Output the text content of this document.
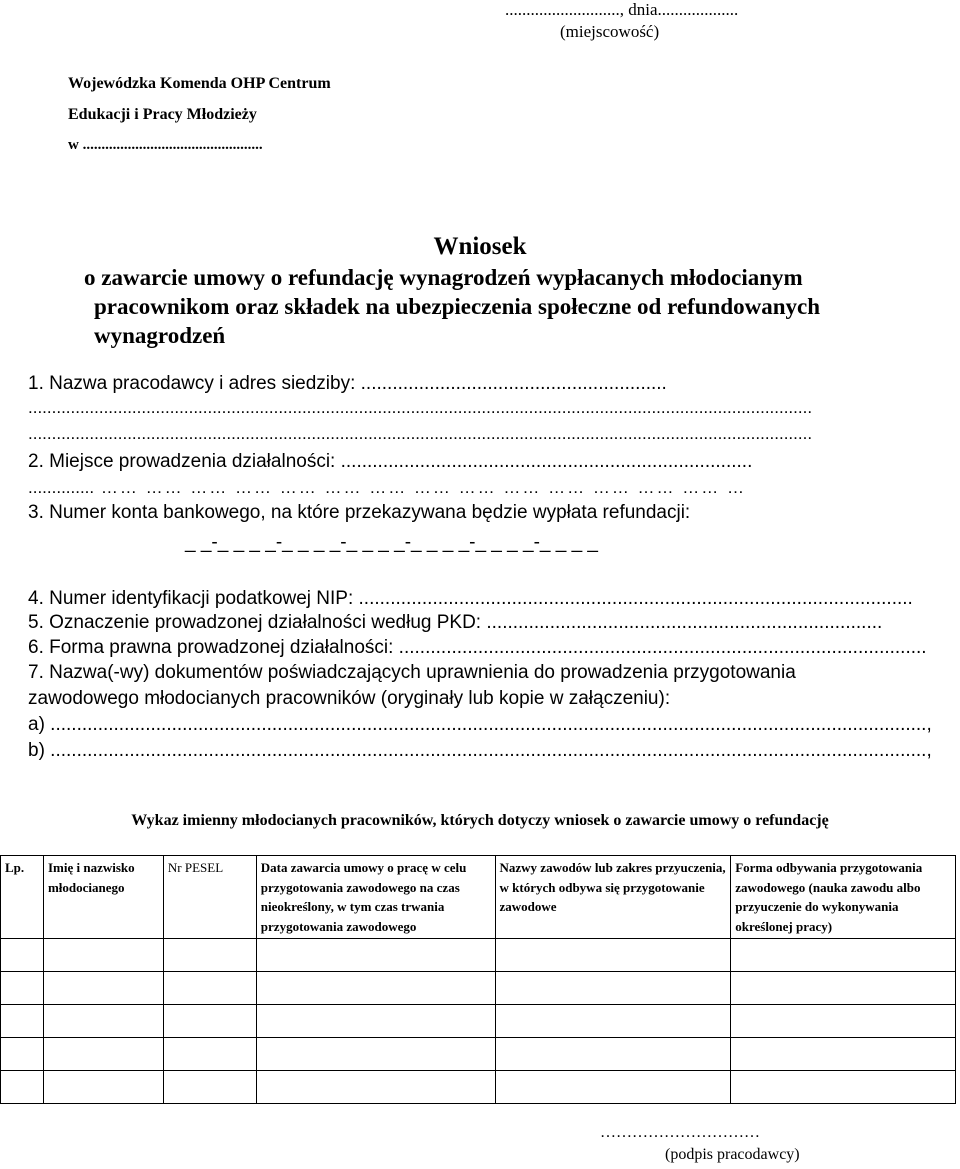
..........................., dnia...................
(miejscowość)
Wojewódzka Komenda OHP Centrum
Edukacji i Pracy Młodzieży
w ................................................
Wniosek
o zawarcie umowy o refundację wynagrodzeń wypłacanych młodocianym
pracownikom oraz składek na ubezpieczenia społeczne od refundowanych
wynagrodzeń
1. Nazwa pracodawcy i adres siedziby: ..........................................................
......................................................................................................................................................................
......................................................................................................................................................................
2. Miejsce prowadzenia działalności: ..............................................................................
.............. …… …… …… …… …… …… …… …… …… …… …… …… …… …… …
3. Numer konta bankowego, na które przekazywana będzie wypłata refundacji:
_ _-_ _ _ _-_ _ _ _-_ _ _ _-_ _ _ _-_ _ _ _-_ _ _ _
4. Numer identyfikacji podatkowej NIP: .........................................................................................................
5. Oznaczenie prowadzonej działalności według PKD: ...........................................................................
6. Forma prawna prowadzonej działalności: ....................................................................................................
7. Nazwa(-wy) dokumentów poświadczających uprawnienia do prowadzenia przygotowania
zawodowego młodocianych pracowników (oryginały lub kopie w załączeniu):
a) ......................................................................................................................................................................,
b) ......................................................................................................................................................................,
Wykaz imienny młodocianych pracowników, których dotyczy wniosek o zawarcie umowy o refundację
Lp.	Imię i nazwisko młodocianego	Nr PESEL	Data zawarcia umowy o pracę w celu przygotowania zawodowego na czas nieokreślony, w tym czas trwania przygotowania zawodowego	Nazwy zawodów lub zakres przyuczenia, w których odbywa się przygotowanie zawodowe	Forma odbywania przygotowania zawodowego (nauka zawodu albo przyuczenie do wykonywania określonej pracy)

…………………………
(podpis pracodawcy)
